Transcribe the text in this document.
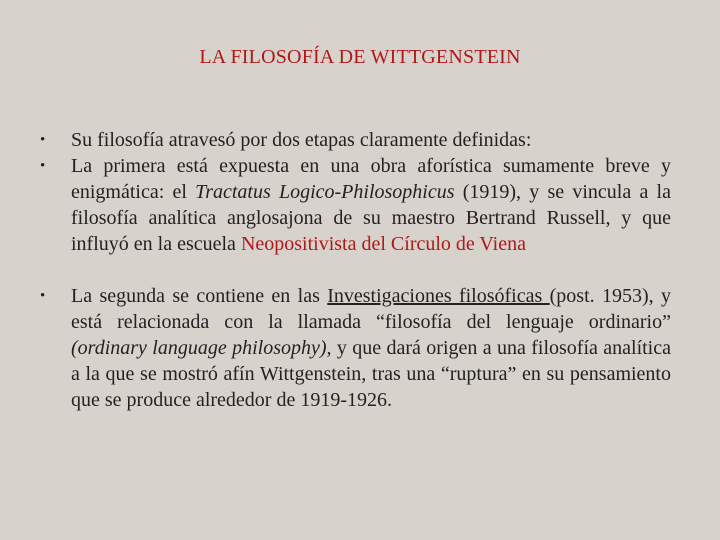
LA FILOSOFÍA DE WITTGENSTEIN
• Su filosofía atravesó por dos etapas claramente definidas:
• La primera está expuesta en una obra aforística sumamente breve y enigmática: el Tractatus Logico-Philosophicus (1919), y se vincula a la filosofía analítica anglosajona de su maestro Bertrand Russell, y que influyó en la escuela Neopositivista del Círculo de Viena
• La segunda se contiene en las Investigaciones filosóficas (post. 1953), y está relacionada con la llamada “filosofía del lenguaje ordinario” (ordinary language philosophy), y que dará origen a una filosofía analítica a la que se mostró afín Wittgenstein, tras una “ruptura” en su pensamiento que se produce alrededor de 1919-1926.
